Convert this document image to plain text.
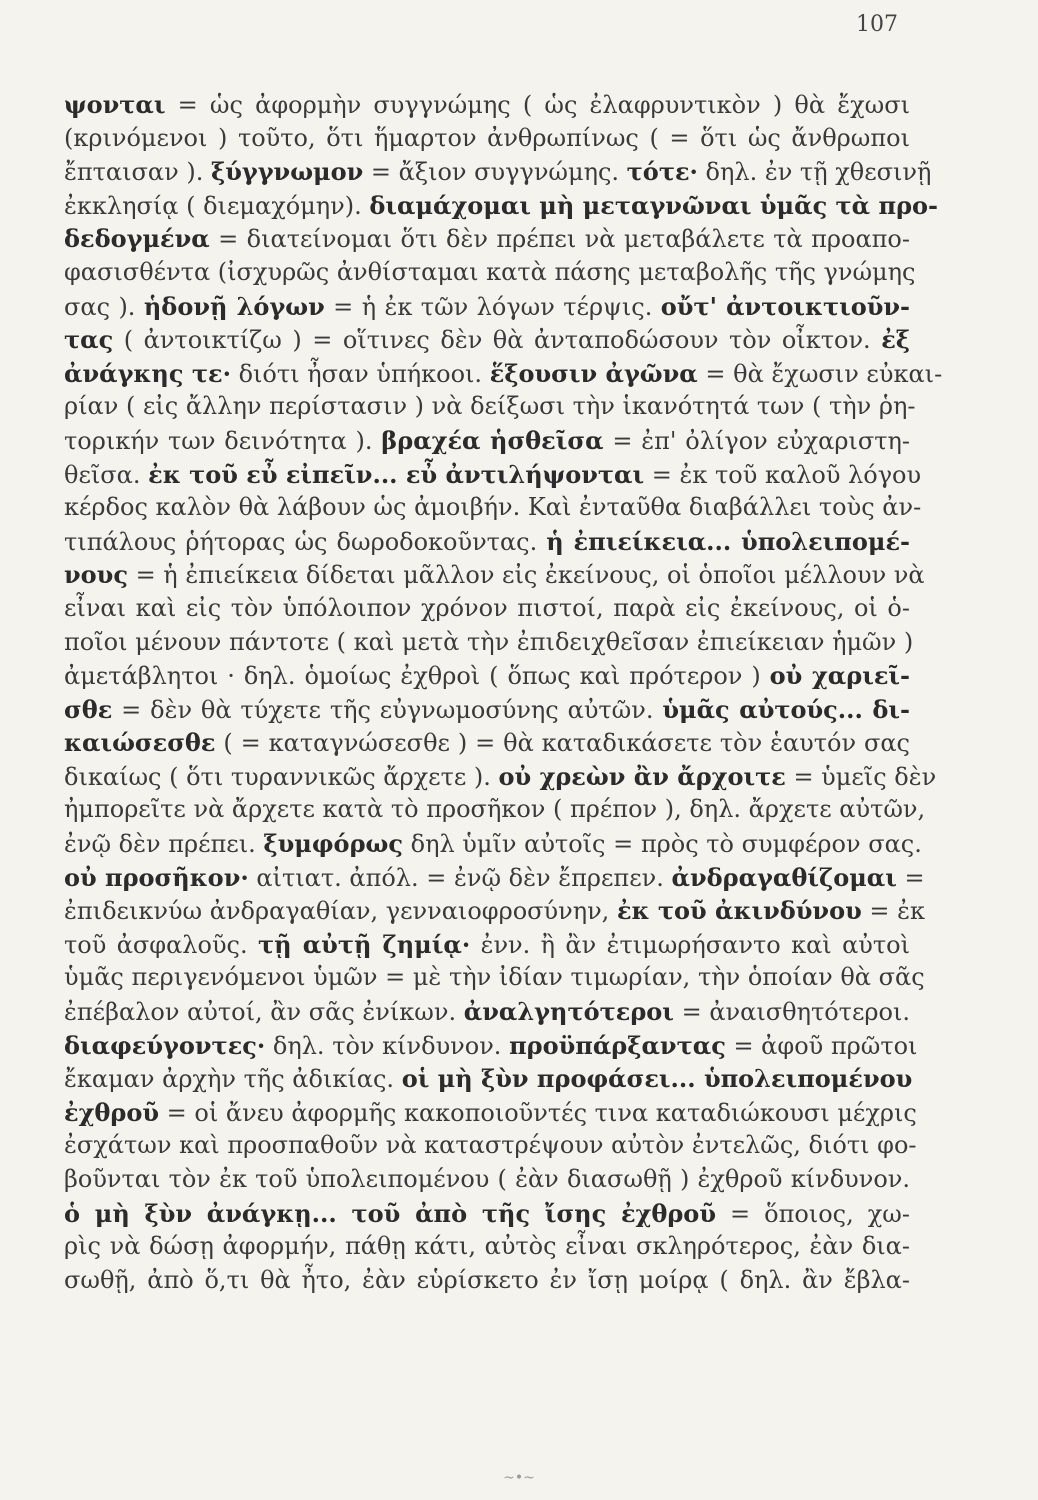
107
ψονται = ὡς ἀφορμὴν συγγνώμης ( ὡς ἐλαφρυντικὸν ) θὰ ἔχωσι
(κρινόμενοι ) τοῦτο, ὅτι ἥμαρτον ἀνθρωπίνως ( = ὅτι ὡς ἄνθρωποι
ἔπταισαν ). ξύγγνωμον = ἄξιον συγγνώμης. τότε· δηλ. ἐν τῇ χθεσινῇ
ἐκκλησίᾳ ( διεμαχόμην). διαμάχομαι μὴ μεταγνῶναι ὑμᾶς τὰ προ-
δεδογμένα = διατείνομαι ὅτι δὲν πρέπει νὰ μεταβάλετε τὰ προαπο-
φασισθέντα (ἰσχυρῶς ἀνθίσταμαι κατὰ πάσης μεταβολῆς τῆς γνώμης
σας ). ἡδονῇ λόγων = ἡ ἐκ τῶν λόγων τέρψις. οὔτ' ἀντοικτιοῦν-
τας ( ἀντοικτίζω ) = οἵτινες δὲν θὰ ἀνταποδώσουν τὸν οἶκτον. ἐξ
ἀνάγκης τε· διότι ἦσαν ὑπήκοοι. ἕξουσιν ἀγῶνα = θὰ ἔχωσιν εὐκαι-
ρίαν ( εἰς ἄλλην περίστασιν ) νὰ δείξωσι τὴν ἱκανότητά των ( τὴν ῥη-
τορικήν των δεινότητα ). βραχέα ἡσθεῖσα = ἐπ' ὀλίγον εὐχαριστη-
θεῖσα. ἐκ τοῦ εὖ εἰπεῖν... εὖ ἀντιλήψονται = ἐκ τοῦ καλοῦ λόγου
κέρδος καλὸν θὰ λάβουν ὡς ἀμοιβήν. Καὶ ἐνταῦθα διαβάλλει τοὺς ἀν-
τιπάλους ῥήτορας ὡς δωροδοκοῦντας. ἡ ἐπιείκεια... ὑπολειπομέ-
νους = ἡ ἐπιείκεια δίδεται μᾶλλον εἰς ἐκείνους, οἱ ὁποῖοι μέλλουν νὰ
εἶναι καὶ εἰς τὸν ὑπόλοιπον χρόνον πιστοί, παρὰ εἰς ἐκείνους, οἱ ὁ-
ποῖοι μένουν πάντοτε ( καὶ μετὰ τὴν ἐπιδειχθεῖσαν ἐπιείκειαν ἡμῶν )
ἀμετάβλητοι · δηλ. ὁμοίως ἐχθροὶ ( ὅπως καὶ πρότερον ) οὐ χαριεῖ-
σθε = δὲν θὰ τύχετε τῆς εὐγνωμοσύνης αὐτῶν. ὑμᾶς αὐτούς... δι-
καιώσεσθε ( = καταγνώσεσθε ) = θὰ καταδικάσετε τὸν ἑαυτόν σας
δικαίως ( ὅτι τυραννικῶς ἄρχετε ). οὐ χρεὼν ἂν ἄρχοιτε = ὑμεῖς δὲν
ἠμπορεῖτε νὰ ἄρχετε κατὰ τὸ προσῆκον ( πρέπον ), δηλ. ἄρχετε αὐτῶν,
ἐνῷ δὲν πρέπει. ξυμφόρως δηλ ὑμῖν αὐτοῖς = πρὸς τὸ συμφέρον σας.
οὐ προσῆκον· αἰτιατ. ἀπόλ. = ἐνῷ δὲν ἔπρεπεν. ἀνδραγαθίζομαι =
ἐπιδεικνύω ἀνδραγαθίαν, γενναιοφροσύνην, ἐκ τοῦ ἀκινδύνου = ἐκ
τοῦ ἀσφαλοῦς. τῇ αὐτῇ ζημίᾳ· ἐνν. ἢ ἂν ἐτιμωρήσαντο καὶ αὐτοὶ
ὑμᾶς περιγενόμενοι ὑμῶν = μὲ τὴν ἰδίαν τιμωρίαν, τὴν ὁποίαν θὰ σᾶς
ἐπέβαλον αὐτοί, ἂν σᾶς ἐνίκων. ἀναλγητότεροι = ἀναισθητότεροι.
διαφεύγοντες· δηλ. τὸν κίνδυνον. προϋπάρξαντας = ἀφοῦ πρῶτοι
ἔκαμαν ἀρχὴν τῆς ἀδικίας. οἱ μὴ ξὺν προφάσει... ὑπολειπομένου
ἐχθροῦ = οἱ ἄνευ ἀφορμῆς κακοποιοῦντές τινα καταδιώκουσι μέχρις
ἐσχάτων καὶ προσπαθοῦν νὰ καταστρέψουν αὐτὸν ἐντελῶς, διότι φο-
βοῦνται τὸν ἐκ τοῦ ὑπολειπομένου ( ἐὰν διασωθῇ ) ἐχθροῦ κίνδυνον.
ὁ μὴ ξὺν ἀνάγκῃ... τοῦ ἀπὸ τῆς ἴσης ἐχθροῦ = ὅποιος, χω-
ρὶς νὰ δώσῃ ἀφορμήν, πάθῃ κάτι, αὐτὸς εἶναι σκληρότερος, ἐὰν δια-
σωθῇ, ἀπὸ ὅ,τι θὰ ἦτο, ἐὰν εὑρίσκετο ἐν ἴσῃ μοίρᾳ ( δηλ. ἂν ἔβλα-
~•~
